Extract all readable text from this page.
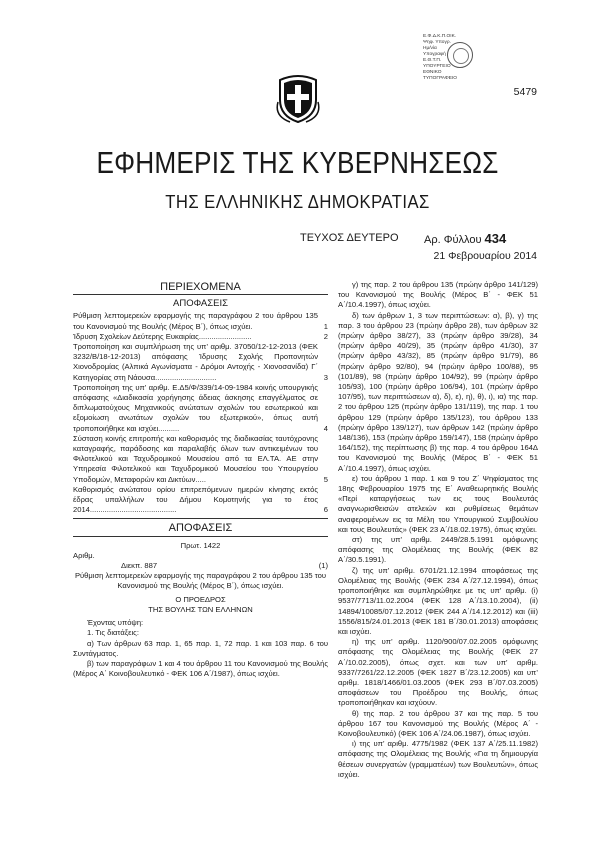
Ε.Φ.Δ.Κ.Π.ΟΙΚ.
Ψηφ. Υπογρ.
Ημ/νία
Υπογραφή
Ε.Θ.Τ.Π.
ΥΠΟΥΡΓΕΙΟ
ΕΘΝΙΚΟ
ΤΥΠΟΓΡΑΦΕΙΟ
5479
ΕΦΗΜΕΡΙΣ ΤΗΣ ΚΥΒΕΡΝΗΣΕΩΣ
ΤΗΣ ΕΛΛΗΝΙΚΗΣ ΔΗΜΟΚΡΑΤΙΑΣ
ΤΕΥΧΟΣ ΔΕΥΤΕΡΟ Αρ. Φύλλου 434
21 Φεβρουαρίου 2014
ΠΕΡΙΕΧΟΜΕΝΑ
ΑΠΟΦΑΣΕΙΣ
Ρύθμιση λεπτομερειών εφαρμογής της παραγράφου 2 του άρθρου 135 του Κανονισμού της Βουλής (Μέρος Β΄), όπως ισχύει.	1
Ίδρυση Σχολείων Δεύτερης Ευκαιρίας.........................	2
Τροποποίηση και συμπλήρωση της υπ’ αριθμ. 37050/12-12-2013 (ΦΕΚ 3232/Β/18-12-2013) απόφασης Ίδρυσης Σχολής Προπονητών Χιονοδρομίας (Αλπικά Αγωνίσματα - Δρόμοι Αντοχής - Χιονοσανίδα) Γ΄ Κατηγορίας στη Νάουσα.............................	3
Τροποποίηση της υπ’ αριθμ. Ε.Δ5/Φ/339/14-09-1984 κοινής υπουργικής απόφασης «Διαδικασία χορήγησης άδειας άσκησης επαγγέλματος σε διπλωματούχους Μηχανικούς ανώτατων σχολών του εσωτερικού και εξομοίωση ανωτάτων σχολών του εξωτερικού», όπως αυτή τροποποιήθηκε και ισχύει..........	4
Σύσταση κοινής επιτροπής και καθορισμός της διαδικασίας ταυτόχρονης καταγραφής, παράδοσης και παραλαβής όλων των αντικειμένων του Φιλοτελικού και Ταχυδρομικού Μουσείου από τα ΕΛ.ΤΑ. ΑΕ στην Υπηρεσία Φιλοτελικού και Ταχυδρομικού Μουσείου του Υπουργείου Υποδομών, Μεταφορών και Δικτύων.....	5
Καθορισμός ανώτατου ορίου επιτρεπόμενων ημερών κίνησης εκτός έδρας υπαλλήλων του Δήμου Κομοτηνής για το έτος 2014.........................................	6
ΑΠΟΦΑΣΕΙΣ
Πρωτ. 1422
Αριθμ.
Διεκπ. 887	(1)
Ρύθμιση λεπτομερειών εφαρμογής της παραγράφου 2 του άρθρου 135 του Κανονισμού της Βουλής (Μέρος Β΄), όπως ισχύει.
Ο ΠΡΟΕΔΡΟΣ
ΤΗΣ ΒΟΥΛΗΣ ΤΩΝ ΕΛΛΗΝΩΝ
Έχοντας υπόψη:
1. Τις διατάξεις:
α) Των άρθρων 63 παρ. 1, 65 παρ. 1, 72 παρ. 1 και 103 παρ. 6 του Συντάγματος.
β) των παραγράφων 1 και 4 του άρθρου 11 του Κανονισμού της Βουλής (Μέρος Α΄ Κοινοβουλευτικό - ΦΕΚ 106 Α΄/1987), όπως ισχύει.

γ) της παρ. 2 του άρθρου 135 (πρώην άρθρο 141/129) του Κανονισμού της Βουλής (Μέρος Β΄ - ΦΕΚ 51 Α΄/10.4.1997), όπως ισχύει.

δ) των άρθρων 1, 3 των περιπτώσεων: α), β), γ) της παρ. 3 του άρθρου 23 (πρώην άρθρο 28), των άρθρων 32 (πρώην άρθρο 38/27), 33 (πρώην άρθρο 39/28), 34 (πρώην άρθρο 40/29), 35 (πρώην άρθρο 41/30), 37 (πρώην άρθρο 43/32), 85 (πρώην άρθρο 91/79), 86 (πρώην άρθρο 92/80), 94 (πρώην άρθρο 100/88), 95 (101/89), 98 (πρώην άρθρο 104/92), 99 (πρώην άρθρο 105/93), 100 (πρώην άρθρο 106/94), 101 (πρώην άρθρο 107/95), των περιπτώσεων α), δ), ε), η), θ), ι), ια) της παρ. 2 του άρθρου 125 (πρώην άρθρο 131/119), της παρ. 1 του άρθρου 129 (πρώην άρθρο 135/123), του άρθρου 133 (πρώην άρθρο 139/127), των άρθρων 142 (πρώην άρθρο 148/136), 153 (πρώην άρθρο 159/147), 158 (πρώην άρθρο 164/152), της περίπτωσης β) της παρ. 4 του άρθρου 164Δ του Κανονισμού της Βουλής (Μέρος Β΄ - ΦΕΚ 51 Α΄/10.4.1997), όπως ισχύει.

ε) του άρθρου 1 παρ. 1 και 9 του Ζ΄ Ψηφίσματος της 18ης Φεβρουαρίου 1975 της Ε΄ Αναθεωρητικής Βουλής «Περί καταργήσεως των εις τους Βουλευτάς αναγνωρισθεισών ατελειών και ρυθμίσεως θεμάτων αναφερομένων εις τα Μέλη του Υπουργικού Συμβουλίου και τους Βουλευτάς» (ΦΕΚ 23 Α΄/18.02.1975), όπως ισχύει.

στ) της υπ’ αριθμ. 2449/28.5.1991 ομόφωνης απόφασης της Ολομέλειας της Βουλής (ΦΕΚ 82 Α΄/30.5.1991).

ζ) της υπ’ αριθμ. 6701/21.12.1994 αποφάσεως της Ολομέλειας της Βουλής (ΦΕΚ 234 Α΄/27.12.1994), όπως τροποποιήθηκε και συμπληρώθηκε με τις υπ’ αριθμ. (i) 9537/7713/11.02.2004 (ΦΕΚ 128 Α΄/13.10.2004), (ii) 14894/10085/07.12.2012 (ΦΕΚ 244 Α΄/14.12.2012) και (iii) 1556/815/24.01.2013 (ΦΕΚ 181 Β΄/30.01.2013) αποφάσεις και ισχύει.

η) της υπ’ αριθμ. 1120/900/07.02.2005 ομόφωνης απόφασης της Ολομέλειας της Βουλής (ΦΕΚ 27 Α΄/10.02.2005), όπως σχετ. και των υπ’ αριθμ. 9337/7261/22.12.2005 (ΦΕΚ 1827 Β΄/23.12.2005) και υπ’ αριθμ. 1818/1466/01.03.2005 (ΦΕΚ 293 Β΄/07.03.2005) αποφάσεων του Προέδρου της Βουλής, όπως τροποποιήθηκαν και ισχύουν.

θ) της παρ. 2 του άρθρου 37 και της παρ. 5 του άρθρου 167 του Κανονισμού της Βουλής (Μέρος Α΄ - Κοινοβουλευτικό) (ΦΕΚ 106 Α΄/24.06.1987), όπως ισχύει.

ι) της υπ’ αριθμ. 4775/1982 (ΦΕΚ 137 Α΄/25.11.1982) απόφασης της Ολομέλειας της Βουλής «Για τη δημιουργία θέσεων συνεργατών (γραμματέων) των Βουλευτών», όπως ισχύει.
